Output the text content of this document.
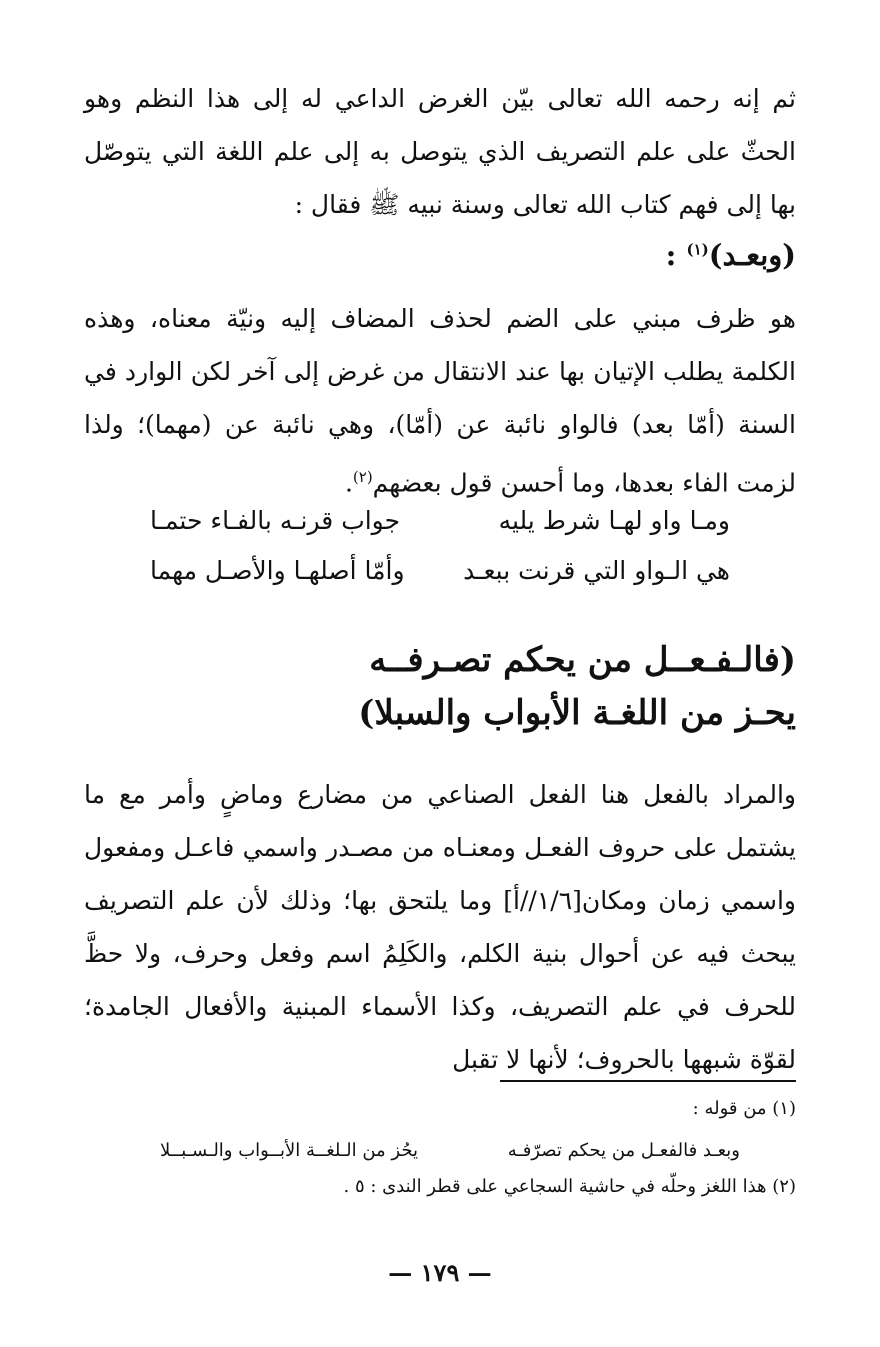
ثم إنه رحمه الله تعالى بيّن الغرض الداعي له إلى هذا النظم وهو الحثّ على علم التصريف الذي يتوصل به إلى علم اللغة التي يتوصّل بها إلى فهم كتاب الله تعالى وسنة نبيه ﷺ فقال :

(وبعـد)$^{(١)}$ :

هو ظرف مبني على الضم لحذف المضاف إليه ونيّة معناه، وهذه الكلمة يطلب الإتيان بها عند الانتقال من غرض إلى آخر لكن الوارد في السنة (أمّا بعد) فالواو نائبة عن (أمّا)، وهي نائبة عن (مهما)؛ ولذا لزمت الفاء بعدها، وما أحسن قول بعضهم$^{(٢)}$.

ومـا واو لهـا شرط يليه
جواب قرنـه بالفـاء حتمـا
هي الـواو التي قرنت ببعـد
وأمّا أصلهـا والأصـل مهما
(فالـفـعــل من يحكم تصـرفــه
يحـز من اللغـة الأبواب والسبلا)

والمراد بالفعل هنا الفعل الصناعي من مضارع وماضٍ وأمر مع ما يشتمل على حروف الفعـل ومعنـاه من مصـدر واسمي فاعـل ومفعول واسمي زمان ومكان[١/٦//أ] وما يلتحق بها؛ وذلك لأن علم التصريف يبحث فيه عن أحوال بنية الكلم، والكَلِمُ اسم وفعل وحرف، ولا حظَّ للحرف في علم التصريف، وكذا الأسماء المبنية والأفعال الجامدة؛ لقوّة شبهها بالحروف؛ لأنها لا تقبل

(١) من قوله :
وبعـد فالفعـل من يحكم تصرّفـه
يحُز من الـلغــة الأبــواب والـسـبــلا
(٢) هذا اللغز وحلّه في حاشية السجاعي على قطر الندى : ٥ .
— ١٧٩ —
